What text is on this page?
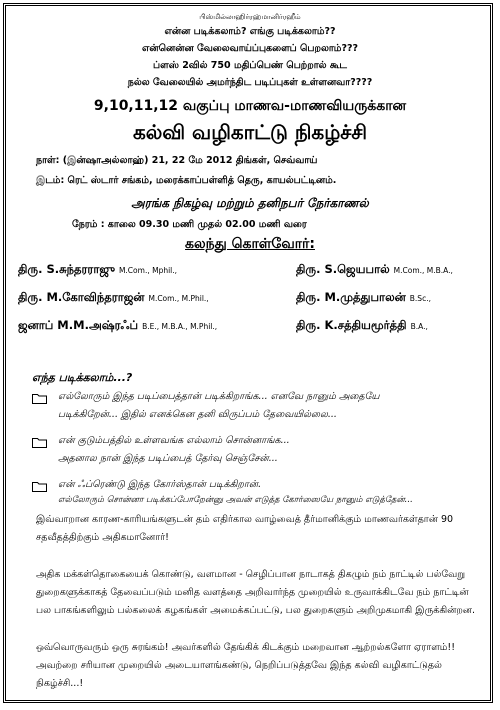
பிஸ்மில்லாஹிர்ரஹ்மானிர்ரஹீம்
என்ன படிக்கலாம்? எங்கு படிக்கலாம்??
என்னென்ன வேலைவாய்ப்புகளைப் பெறலாம்???
ப்ளஸ் 2வில் 750 மதிப்பெண் பெற்றால் கூட
நல்ல வேலையில் அமர்ந்திட படிப்புகள் உள்ளனவா????
9,10,11,12 வகுப்பு மாணவ-மாணவியருக்கான
கல்வி வழிகாட்டு நிகழ்ச்சி
நாள்: (இன்ஷாஅல்லாஹ்) 21, 22 மே 2012 திங்கள், செவ்வாய்
இடம்: ரெட் ஸ்டார் சங்கம், மரைக்காப்பள்ளித் தெரு, காயல்பட்டினம்.
அரங்க நிகழ்வு மற்றும் தனிநபர் நேர்காணல்
நேரம் : காலை 09.30 மணி முதல் 02.00 மணி வரை
கலந்து கொள்வோர்:
திரு. S.சுந்தரராஜு M.Com., Mphil.,	திரு. S.ஜெயபால் M.Com., M.B.A.,
திரு. M.கோவிந்தராஜன் M.Com., M.Phil.,	திரு. M.முத்துபாலன் B.Sc.,
ஜனாப் M.M.அஷ்ரஃப் B.E., M.B.A., M.Phil.,	திரு. K.சத்தியமூர்த்தி B.A.,
எந்த படிக்கலாம்...?
எல்லோரும் இந்த படிப்பைத்தான் படிக்கிறாங்க... எனவே நானும் அதையே
படிக்கிறேன்... இதில் எனக்கென தனி விருப்பம் தேவையில்லை...
என் குடும்பத்தில் உள்ளவங்க எல்லாம் சொன்னாங்க...
அதனால நான் இந்த படிப்பைத் தேர்வு செஞ்சேன்...
என் ஃப்ரெண்டு இந்த கோர்ஸ்தான் படிக்கிறான்.
எல்லோரும் சொன்னா படிக்கப்போறேன்னு அவன் எடுத்த கோர்ஸையே நானும் எடுத்தேன்...
இவ்வாறான காரண-காரியங்களுடன் தம் எதிர்கால வாழ்வைத் தீர்மானிக்கும் மாணவர்கள்தான் 90 சதவீதத்திற்கும் அதிகமானோர்!
அதிக மக்கள்தொகையைக் கொண்டு, வளமான - செழிப்பான நாடாகத் திகழும் நம் நாட்டில் பல்வேறு துறைகளுக்காகத் தேவைப்படும் மனித வளத்தை அறிவார்ந்த முறையில் உருவாக்கிடவே நம் நாட்டின் பல பாகங்களிலும் பல்கலைக் கழகங்கள் அமைக்கப்பட்டு, பல துறைகளும் அறிமுகமாகி இருக்கின்றன.
ஒவ்வொருவரும் ஒரு சுரங்கம்! அவர்களில் தேங்கிக் கிடக்கும் மறைவான ஆற்றல்களோ ஏராளம்!! அவற்றை சரியான முறையில் அடையாளங்கண்டு, நெறிப்படுத்தவே இந்த கல்வி வழிகாட்டுதல் நிகழ்ச்சி...!
